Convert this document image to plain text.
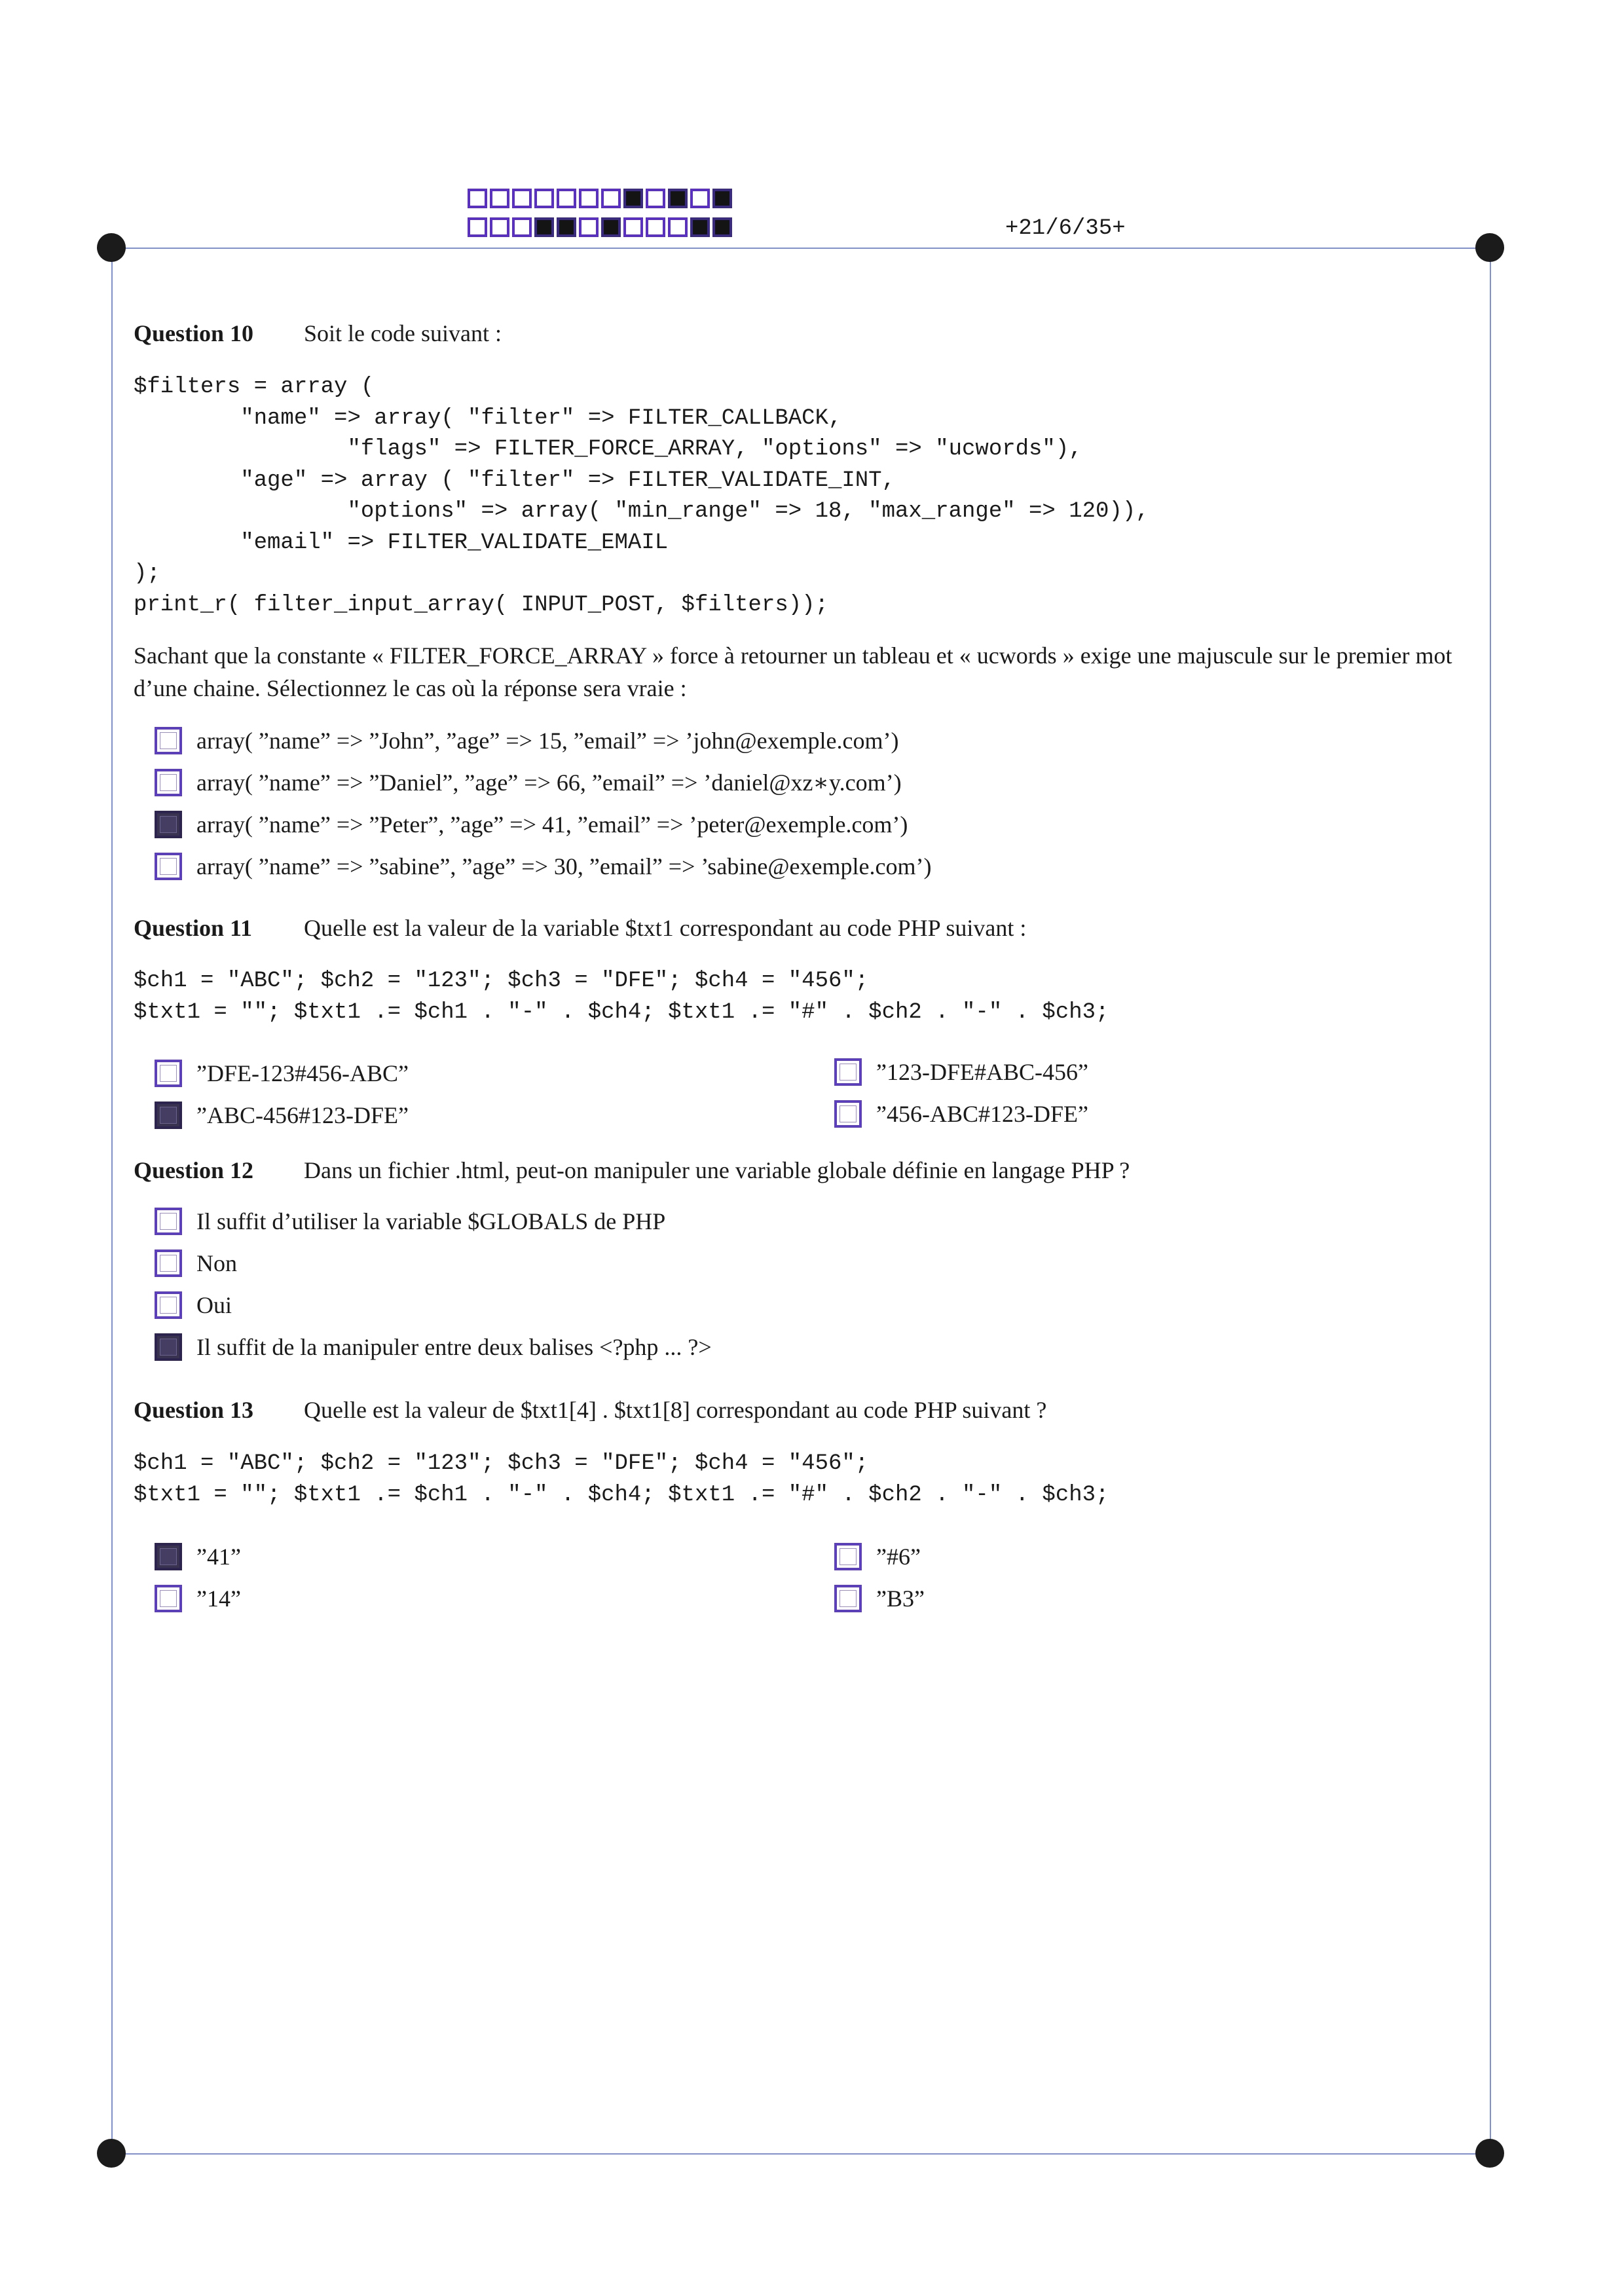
+21/6/35+
Question 10 Soit le code suivant :
$filters = array (
"name" => array( "filter" => FILTER_CALLBACK,
"flags" => FILTER_FORCE_ARRAY, "options" => "ucwords"),
"age" => array ( "filter" => FILTER_VALIDATE_INT,
"options" => array( "min_range" => 18, "max_range" => 120)),
"email" => FILTER_VALIDATE_EMAIL
);
print_r( filter_input_array( INPUT_POST, $filters));
Sachant que la constante « FILTER_FORCE_ARRAY » force à retourner un tableau et « ucwords » exige une majuscule sur le premier mot d’une chaine. Sélectionnez le cas où la réponse sera vraie :
array( ”name” => ”John”, ”age” => 15, ”email” => ’john@exemple.com’)
array( ”name” => ”Daniel”, ”age” => 66, ”email” => ’daniel@xz∗y.com’)
array( ”name” => ”Peter”, ”age” => 41, ”email” => ’peter@exemple.com’)
array( ”name” => ”sabine”, ”age” => 30, ”email” => ’sabine@exemple.com’)
Question 11 Quelle est la valeur de la variable $txt1 correspondant au code PHP suivant :
$ch1 = "ABC"; $ch2 = "123"; $ch3 = "DFE"; $ch4 = "456";
$txt1 = ""; $txt1 .= $ch1 . "-" . $ch4; $txt1 .= "#" . $ch2 . "-" . $ch3;
”DFE-123#456-ABC”	”123-DFE#ABC-456”
”ABC-456#123-DFE”	”456-ABC#123-DFE”
Question 12 Dans un fichier .html, peut-on manipuler une variable globale définie en langage PHP ?
Il suffit d’utiliser la variable $GLOBALS de PHP
Non
Oui
Il suffit de la manipuler entre deux balises <?php ... ?>
Question 13 Quelle est la valeur de $txt1[4] . $txt1[8] correspondant au code PHP suivant ?
$ch1 = "ABC"; $ch2 = "123"; $ch3 = "DFE"; $ch4 = "456";
$txt1 = ""; $txt1 .= $ch1 . "-" . $ch4; $txt1 .= "#" . $ch2 . "-" . $ch3;
”41”	”#6”
”14”	”B3”
